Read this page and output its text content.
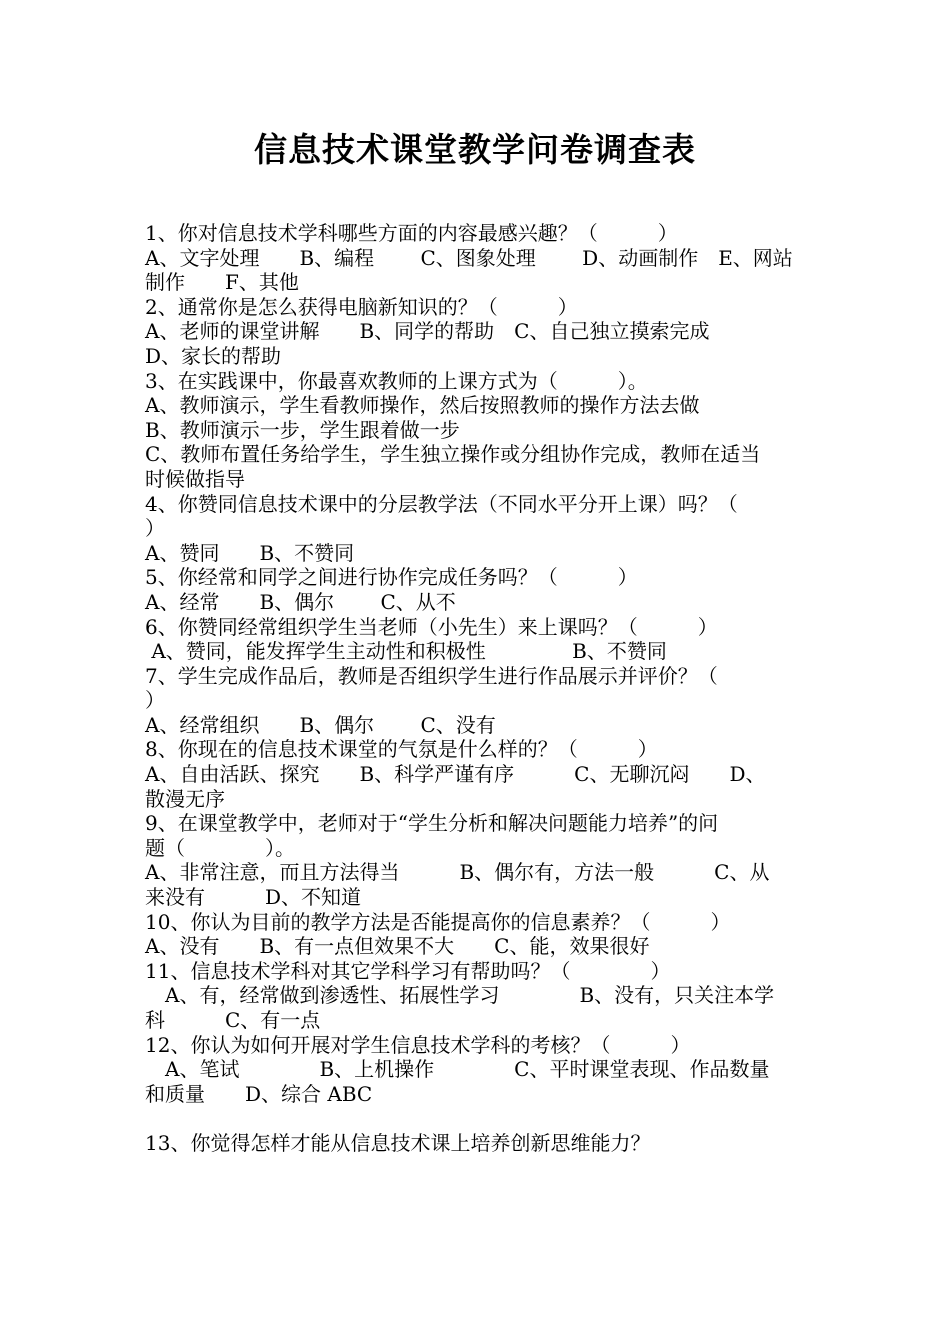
信息技术课堂教学问卷调查表
1、你对信息技术学科哪些方面的内容最感兴趣？（　　　）
A、文字处理　　B、编程　　 C、图象处理　　 D、动画制作　E、网站
制作　　F、其他
2、通常你是怎么获得电脑新知识的？（　　　）
A、老师的课堂讲解　　B、同学的帮助　C、自己独立摸索完成
D、家长的帮助
3、在实践课中，你最喜欢教师的上课方式为（　　　）。
A、教师演示，学生看教师操作，然后按照教师的操作方法去做
B、教师演示一步，学生跟着做一步
C、教师布置任务给学生，学生独立操作或分组协作完成，教师在适当
时候做指导
4、你赞同信息技术课中的分层教学法（不同水平分开上课）吗？（
）
A、赞同　　B、不赞同
5、你经常和同学之间进行协作完成任务吗？（　　　）
A、经常　　B、偶尔　　 C、从不
6、你赞同经常组织学生当老师（小先生）来上课吗？（　　　）
A、赞同，能发挥学生主动性和积极性　　　　 B、不赞同
7、学生完成作品后，教师是否组织学生进行作品展示并评价？（
）
A、经常组织　　B、偶尔　　 C、没有
8、你现在的信息技术课堂的气氛是什么样的？（　　　）
A、自由活跃、探究　　B、科学严谨有序　　　C、无聊沉闷　　D、
散漫无序
9、在课堂教学中，老师对于“学生分析和解决问题能力培养”的问
题（　　　　）。
A、非常注意，而且方法得当　　　B、偶尔有，方法一般　　　C、从
来没有　　　D、不知道
10、你认为目前的教学方法是否能提高你的信息素养？（　　　）
A、没有　　B、有一点但效果不大　　C、能，效果很好
11、信息技术学科对其它学科学习有帮助吗？（　　　　）
　A、有，经常做到渗透性、拓展性学习　　　　B、没有，只关注本学
科　　　C、有一点
12、你认为如何开展对学生信息技术学科的考核？（　　　）
　A、笔试　　　　B、上机操作　　　　C、平时课堂表现、作品数量
和质量　　D、综合 ABC
13、你觉得怎样才能从信息技术课上培养创新思维能力？
